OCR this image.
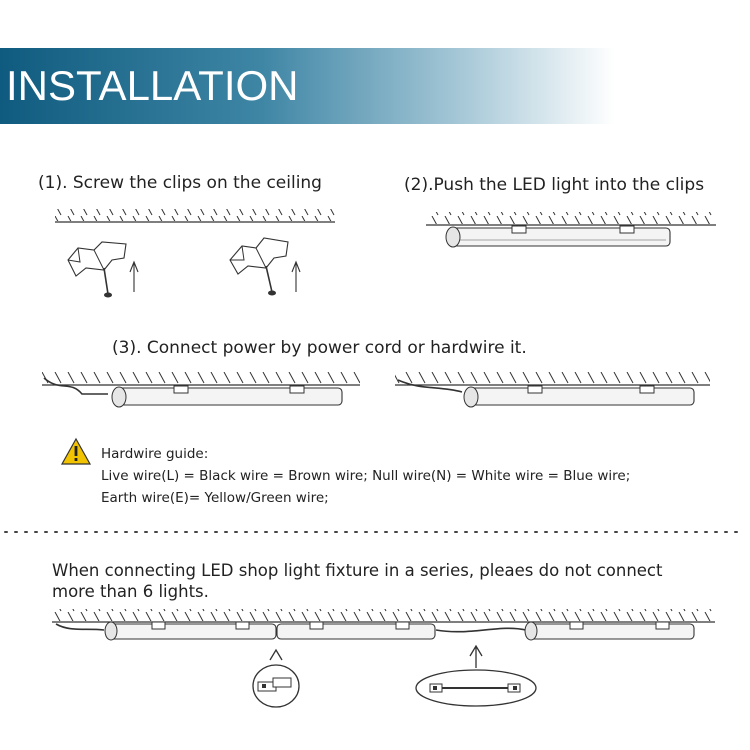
INSTALLATION
(1). Screw the clips on the ceiling	(2).Push the LED light into the clips
(3). Connect power by power cord or hardwire it.
Hardwire guide:
Live wire(L) = Black wire = Brown wire; Null wire(N) = White wire = Blue wire;
Earth wire(E)= Yellow/Green wire;
When connecting LED shop light fixture in a series, pleaes do not connect
more than 6 lights.
